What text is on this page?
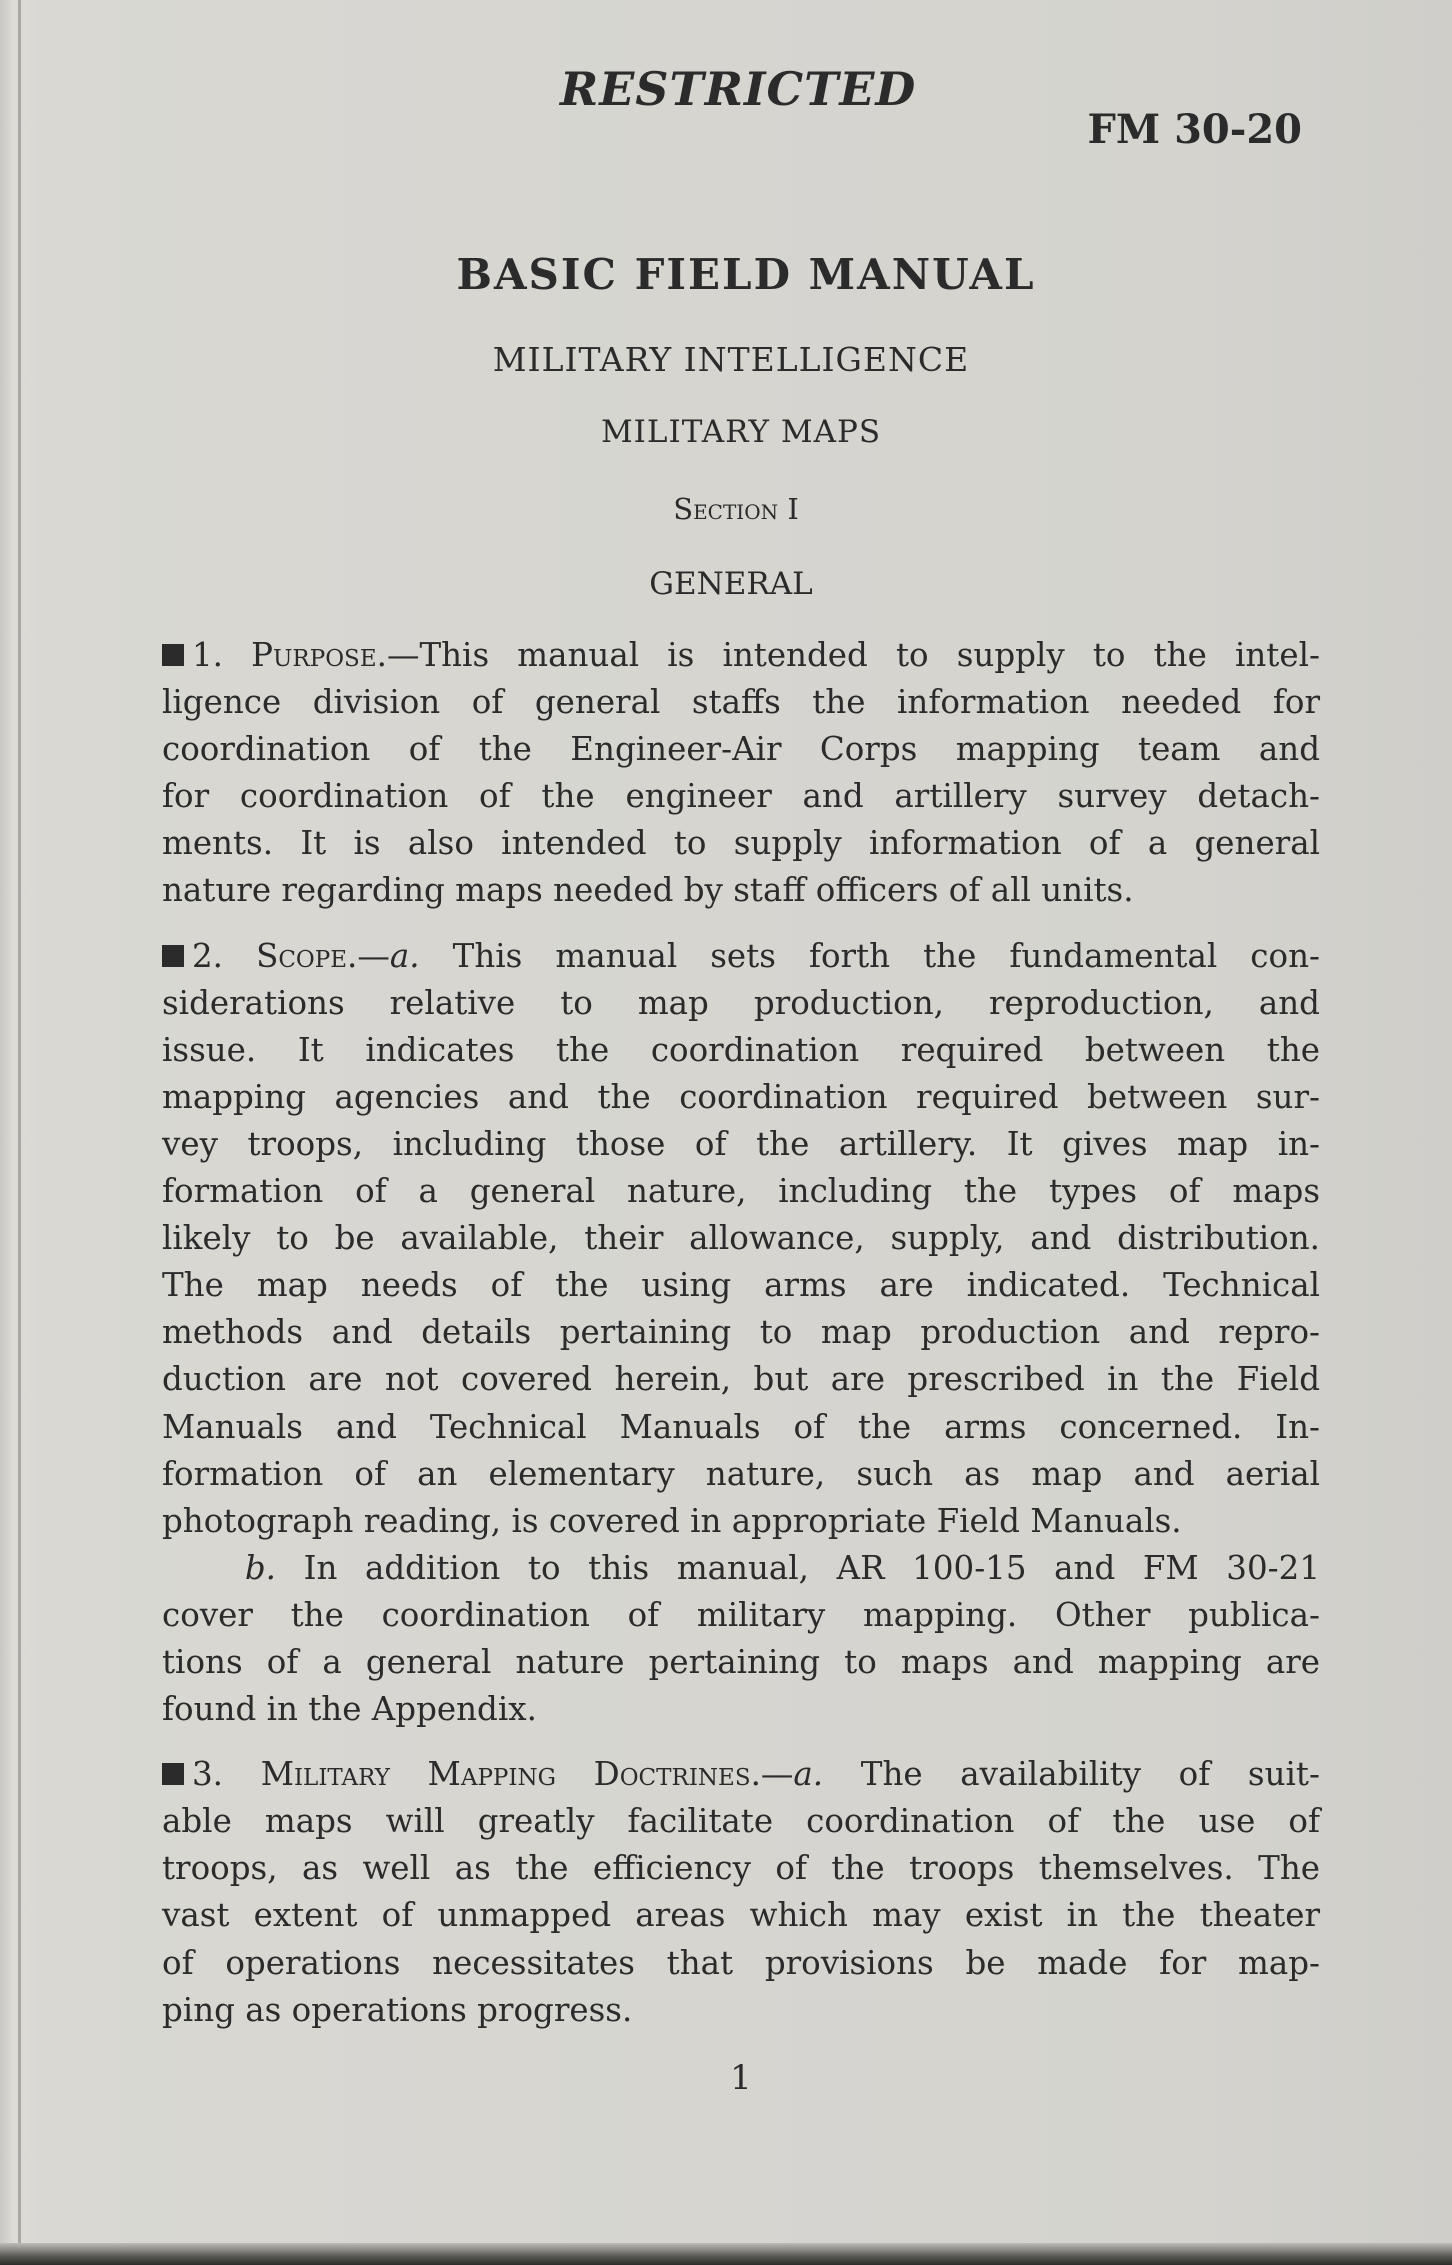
RESTRICTED
FM 30-20
BASIC FIELD MANUAL
MILITARY INTELLIGENCE
MILITARY MAPS
Section I
GENERAL
1. Purpose.—This manual is intended to supply to the intel-
ligence division of general staffs the information needed for
coordination of the Engineer-Air Corps mapping team and
for coordination of the engineer and artillery survey detach-
ments. It is also intended to supply information of a general
nature regarding maps needed by staff officers of all units.
2. Scope.—a. This manual sets forth the fundamental con-
siderations relative to map production, reproduction, and
issue. It indicates the coordination required between the
mapping agencies and the coordination required between sur-
vey troops, including those of the artillery. It gives map in-
formation of a general nature, including the types of maps
likely to be available, their allowance, supply, and distribution.
The map needs of the using arms are indicated. Technical
methods and details pertaining to map production and repro-
duction are not covered herein, but are prescribed in the Field
Manuals and Technical Manuals of the arms concerned. In-
formation of an elementary nature, such as map and aerial
photograph reading, is covered in appropriate Field Manuals.
b. In addition to this manual, AR 100-15 and FM 30-21
cover the coordination of military mapping. Other publica-
tions of a general nature pertaining to maps and mapping are
found in the Appendix.
3. Military Mapping Doctrines.—a. The availability of suit-
able maps will greatly facilitate coordination of the use of
troops, as well as the efficiency of the troops themselves. The
vast extent of unmapped areas which may exist in the theater
of operations necessitates that provisions be made for map-
ping as operations progress.
1
